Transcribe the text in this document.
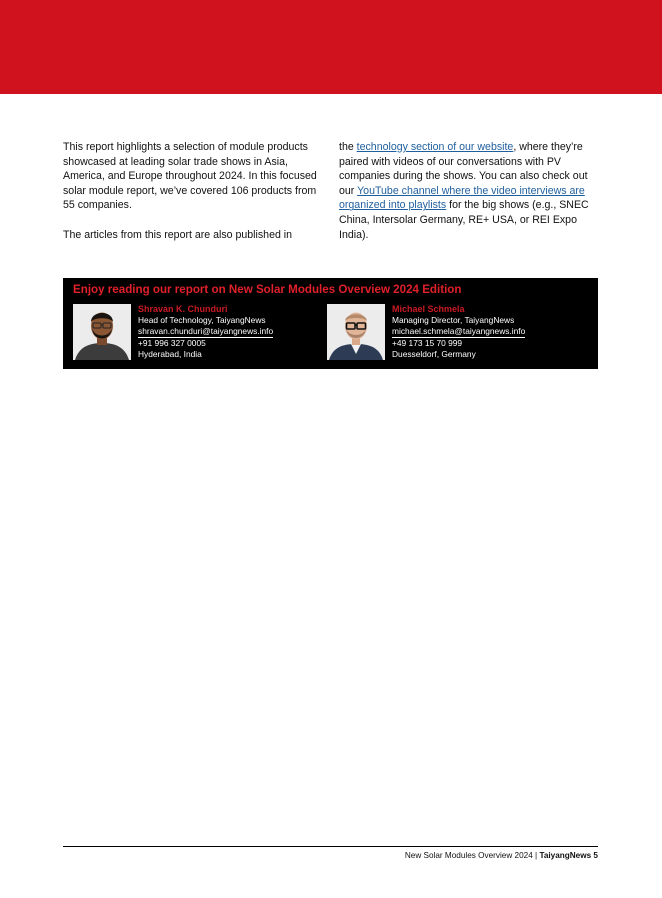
This report highlights a selection of module products showcased at leading solar trade shows in Asia, America, and Europe throughout 2024. In this focused solar module report, we’ve covered 106 products from 55 companies.

The articles from this report are also published in

the technology section of our website, where they’re paired with videos of our conversations with PV companies during the shows. You can also check out our YouTube channel where the video interviews are organized into playlists for the big shows (e.g., SNEC China, Intersolar Germany, RE+ USA, or REI Expo India).

Enjoy reading our report on New Solar Modules Overview 2024 Edition
Shravan K. Chunduri
Head of Technology, TaiyangNews
shravan.chunduri@taiyangnews.info
+91 996 327 0005
Hyderabad, India
Michael Schmela
Managing Director, TaiyangNews
michael.schmela@taiyangnews.info
+49 173 15 70 999
Duesseldorf, Germany
New Solar Modules Overview 2024 | TaiyangNews 5
